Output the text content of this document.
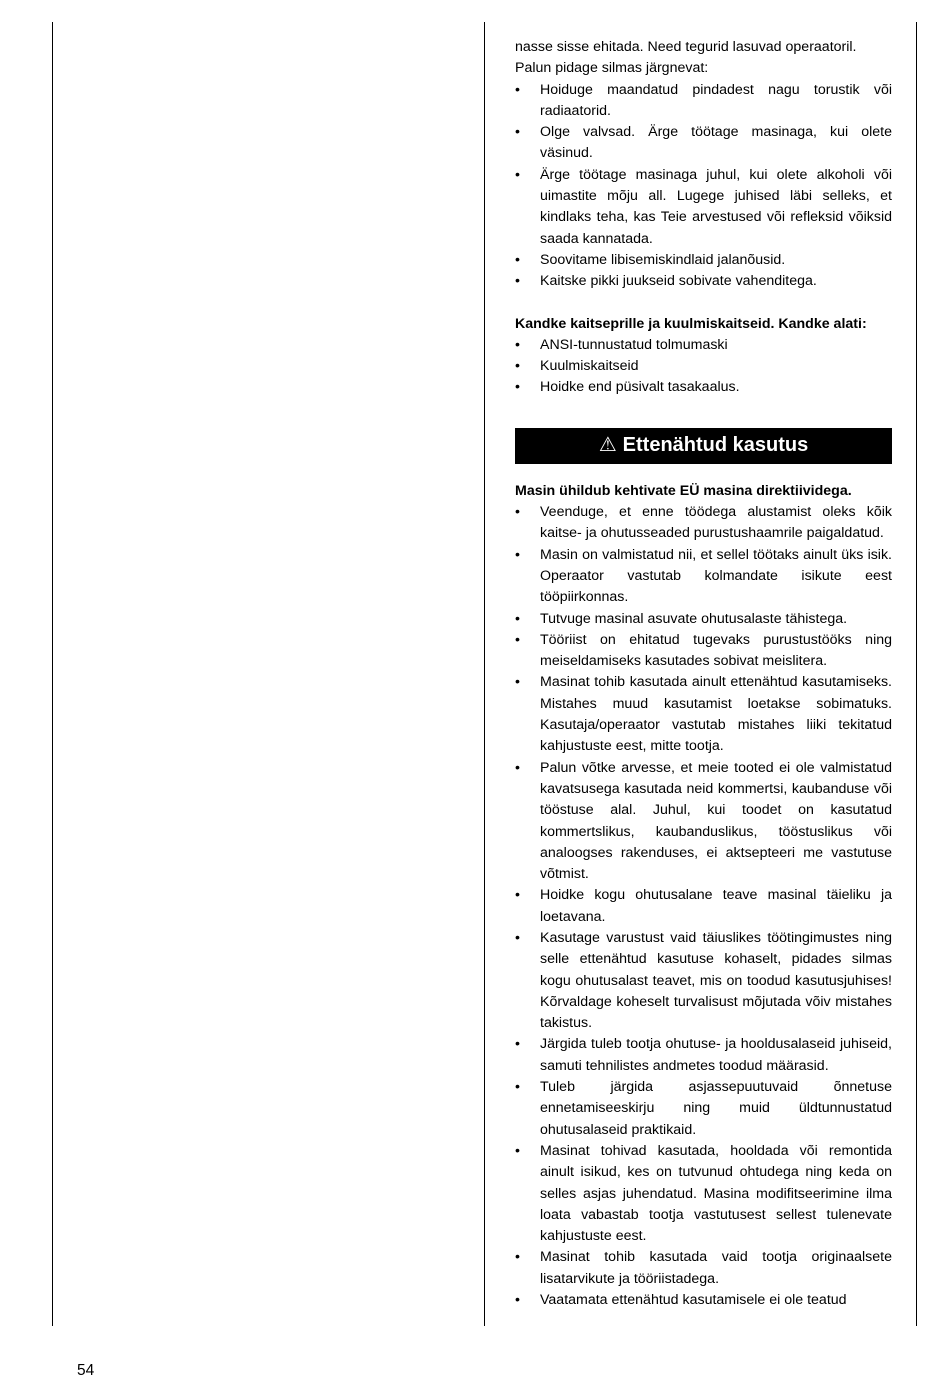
nasse sisse ehitada. Need tegurid lasuvad operaatoril.

Palun pidage silmas järgnevat:

• Hoiduge maandatud pindadest nagu torustik või radiaatorid.
• Olge valvsad. Ärge töötage masinaga, kui olete väsinud.
• Ärge töötage masinaga juhul, kui olete alkoholi või uimastite mõju all. Lugege juhised läbi selleks, et kindlaks teha, kas Teie arvestused või refleksid võiksid saada kannatada.
• Soovitame libisemiskindlaid jalanõusid.
• Kaitske pikki juukseid sobivate vahenditega.

Kandke kaitseprille ja kuulmiskaitseid. Kandke alati:

• ANSI-tunnustatud tolmumaski
• Kuulmiskaitseid
• Hoidke end püsivalt tasakaalus.
⚠ Ettenähtud kasutus

Masin ühildub kehtivate EÜ masina direktiividega.

• Veenduge, et enne töödega alustamist oleks kõik kaitse- ja ohutusseaded purustushaamrile paigaldatud.
• Masin on valmistatud nii, et sellel töötaks ainult üks isik. Operaator vastutab kolmandate isikute eest tööpiirkonnas.
• Tutvuge masinal asuvate ohutusalaste tähistega.
• Tööriist on ehitatud tugevaks purustustööks ning meiseldamiseks kasutades sobivat meislitera.
• Masinat tohib kasutada ainult ettenähtud kasutamiseks. Mistahes muud kasutamist loetakse sobimatuks. Kasutaja/operaator vastutab mistahes liiki tekitatud kahjustuste eest, mitte tootja.
• Palun võtke arvesse, et meie tooted ei ole valmistatud kavatsusega kasutada neid kommertsi, kaubanduse või tööstuse alal. Juhul, kui toodet on kasutatud kommertslikus, kaubanduslikus, tööstuslikus või analoogses rakenduses, ei aktsepteeri me vastutuse võtmist.
• Hoidke kogu ohutusalane teave masinal täieliku ja loetavana.
• Kasutage varustust vaid täiuslikes töötingimustes ning selle ettenähtud kasutuse kohaselt, pidades silmas kogu ohutusalast teavet, mis on toodud kasutusjuhises! Kõrvaldage koheselt turvalisust mõjutada võiv mistahes takistus.
• Järgida tuleb tootja ohutuse- ja hooldusalaseid juhiseid, samuti tehnilistes andmetes toodud määrasid.
• Tuleb järgida asjassepuutuvaid õnnetuse ennetamiseeskirju ning muid üldtunnustatud ohutusalaseid praktikaid.
• Masinat tohivad kasutada, hooldada või remontida ainult isikud, kes on tutvunud ohtudega ning keda on selles asjas juhendatud. Masina modifitseerimine ilma loata vabastab tootja vastutusest sellest tulenevate kahjustuste eest.
• Masinat tohib kasutada vaid tootja originaalsete lisatarvikute ja tööriistadega.
• Vaatamata ettenähtud kasutamisele ei ole teatud
54
